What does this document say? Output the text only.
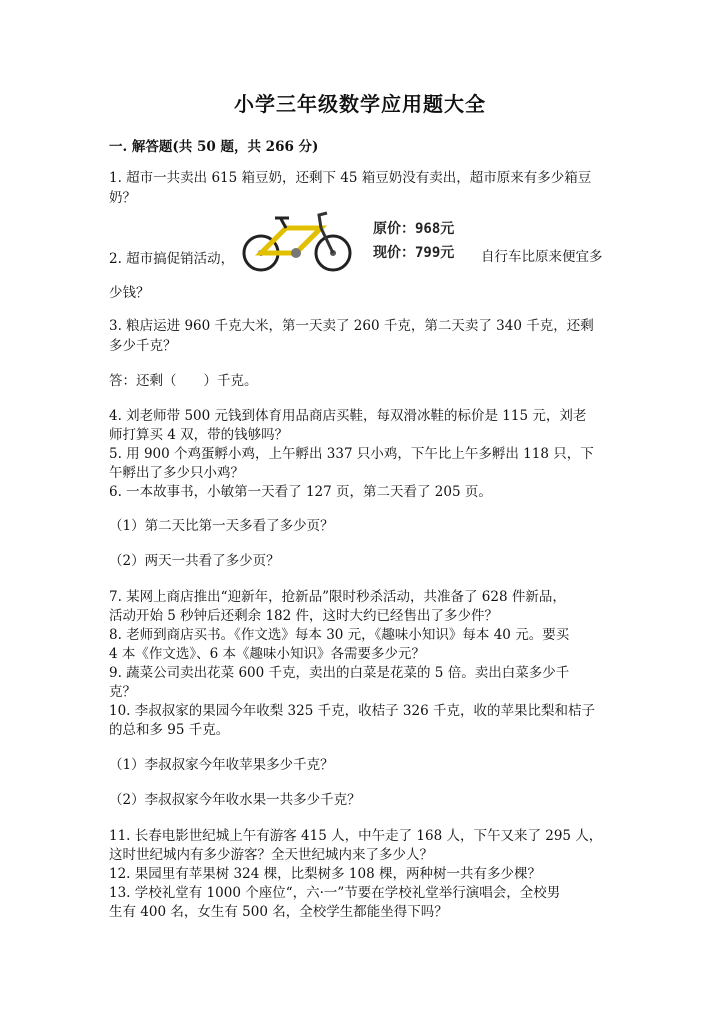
小学三年级数学应用题大全
一. 解答题(共 50 题，共 266 分)
1. 超市一共卖出 615 箱豆奶，还剩下 45 箱豆奶没有卖出，超市原来有多少箱豆
奶？
2. 超市搞促销活动，
原价：968元
现价：799元 自行车比原来便宜多
少钱？
3. 粮店运进 960 千克大米，第一天卖了 260 千克，第二天卖了 340 千克，还剩
多少千克？
答：还剩（　　）千克。
4. 刘老师带 500 元钱到体育用品商店买鞋，每双滑冰鞋的标价是 115 元，刘老
师打算买 4 双，带的钱够吗？
5. 用 900 个鸡蛋孵小鸡，上午孵出 337 只小鸡，下午比上午多孵出 118 只，下
午孵出了多少只小鸡？
6. 一本故事书，小敏第一天看了 127 页，第二天看了 205 页。
（1）第二天比第一天多看了多少页？
（2）两天一共看了多少页？
7. 某网上商店推出“迎新年，抢新品”限时秒杀活动，共准备了 628 件新品，
活动开始 5 秒钟后还剩余 182 件，这时大约已经售出了多少件？
8. 老师到商店买书。《作文选》每本 30 元，《趣味小知识》每本 40 元。要买
4 本《作文选》、6 本《趣味小知识》各需要多少元？
9. 蔬菜公司卖出花菜 600 千克，卖出的白菜是花菜的 5 倍。卖出白菜多少千
克？
10. 李叔叔家的果园今年收梨 325 千克，收桔子 326 千克，收的苹果比梨和桔子
的总和多 95 千克。
（1）李叔叔家今年收苹果多少千克？
（2）李叔叔家今年收水果一共多少千克？
11. 长春电影世纪城上午有游客 415 人，中午走了 168 人，下午又来了 295 人，
这时世纪城内有多少游客？全天世纪城内来了多少人？
12. 果园里有苹果树 324 棵，比梨树多 108 棵，两种树一共有多少棵？
13. 学校礼堂有 1000 个座位“，六·一”节要在学校礼堂举行演唱会，全校男
生有 400 名，女生有 500 名，全校学生都能坐得下吗？
